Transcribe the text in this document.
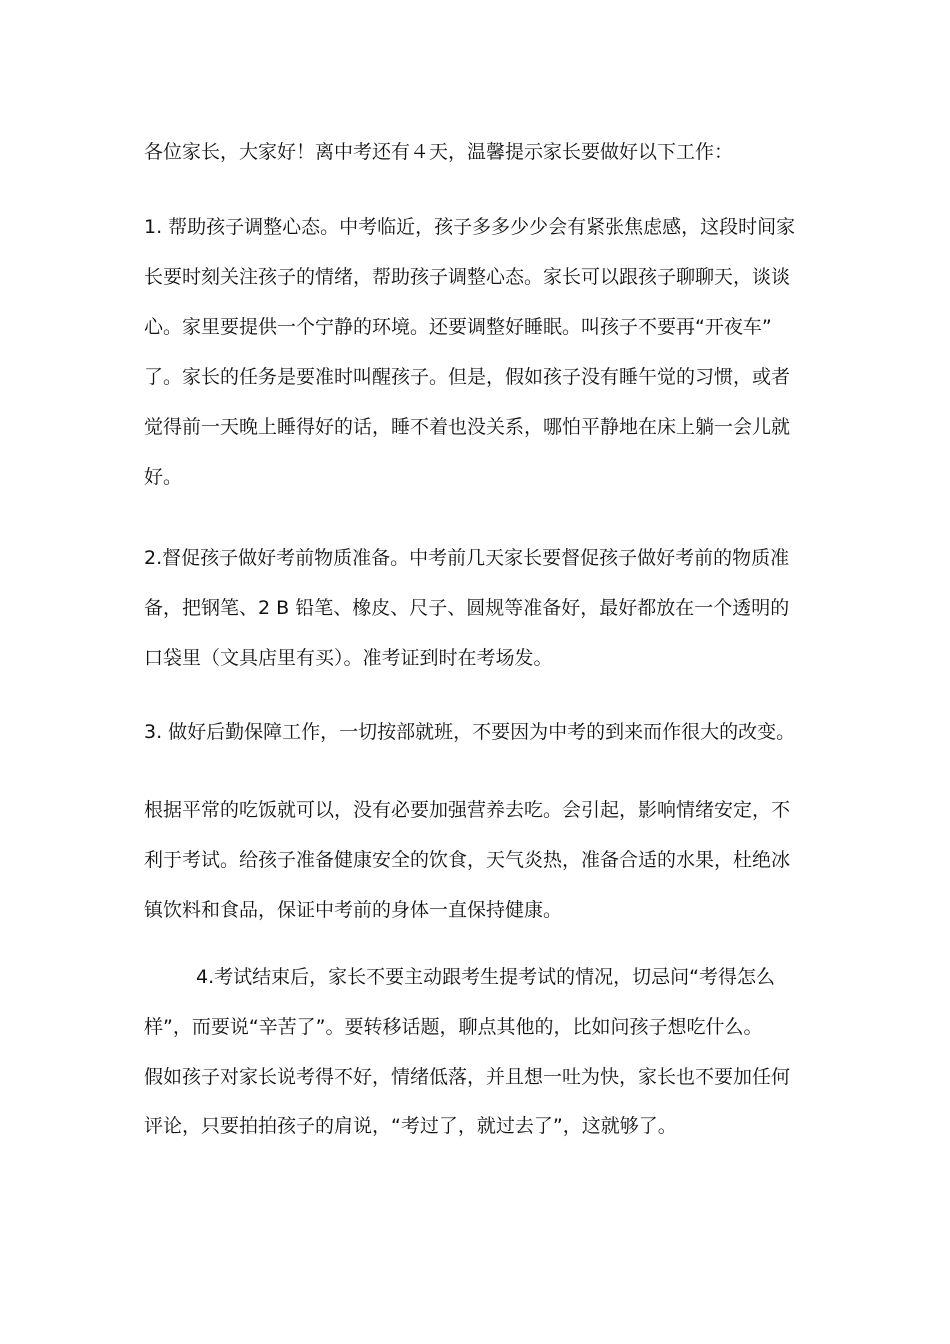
各位家长，大家好！离中考还有４天，温馨提示家长要做好以下工作：
1. 帮助孩子调整心态。中考临近，孩子多多少少会有紧张焦虑感，这段时间家
长要时刻关注孩子的情绪，帮助孩子调整心态。家长可以跟孩子聊聊天，谈谈
心。家里要提供一个宁静的环境。还要调整好睡眠。叫孩子不要再“开夜车”
了。家长的任务是要准时叫醒孩子。但是，假如孩子没有睡午觉的习惯，或者
觉得前一天晚上睡得好的话，睡不着也没关系，哪怕平静地在床上躺一会儿就
好。
2.督促孩子做好考前物质准备。中考前几天家长要督促孩子做好考前的物质准
备，把钢笔、2 B 铅笔、橡皮、尺子、圆规等准备好，最好都放在一个透明的
口袋里（文具店里有买）。准考证到时在考场发。
3. 做好后勤保障工作，一切按部就班，不要因为中考的到来而作很大的改变。
根据平常的吃饭就可以，没有必要加强营养去吃。会引起，影响情绪安定，不
利于考试。给孩子准备健康安全的饮食，天气炎热，准备合适的水果，杜绝冰
镇饮料和食品，保证中考前的身体一直保持健康。
4.考试结束后，家长不要主动跟考生提考试的情况，切忌问“考得怎么
样”，而要说“辛苦了”。要转移话题，聊点其他的，比如问孩子想吃什么。
假如孩子对家长说考得不好，情绪低落，并且想一吐为快，家长也不要加任何
评论，只要拍拍孩子的肩说，“考过了，就过去了”，这就够了。
